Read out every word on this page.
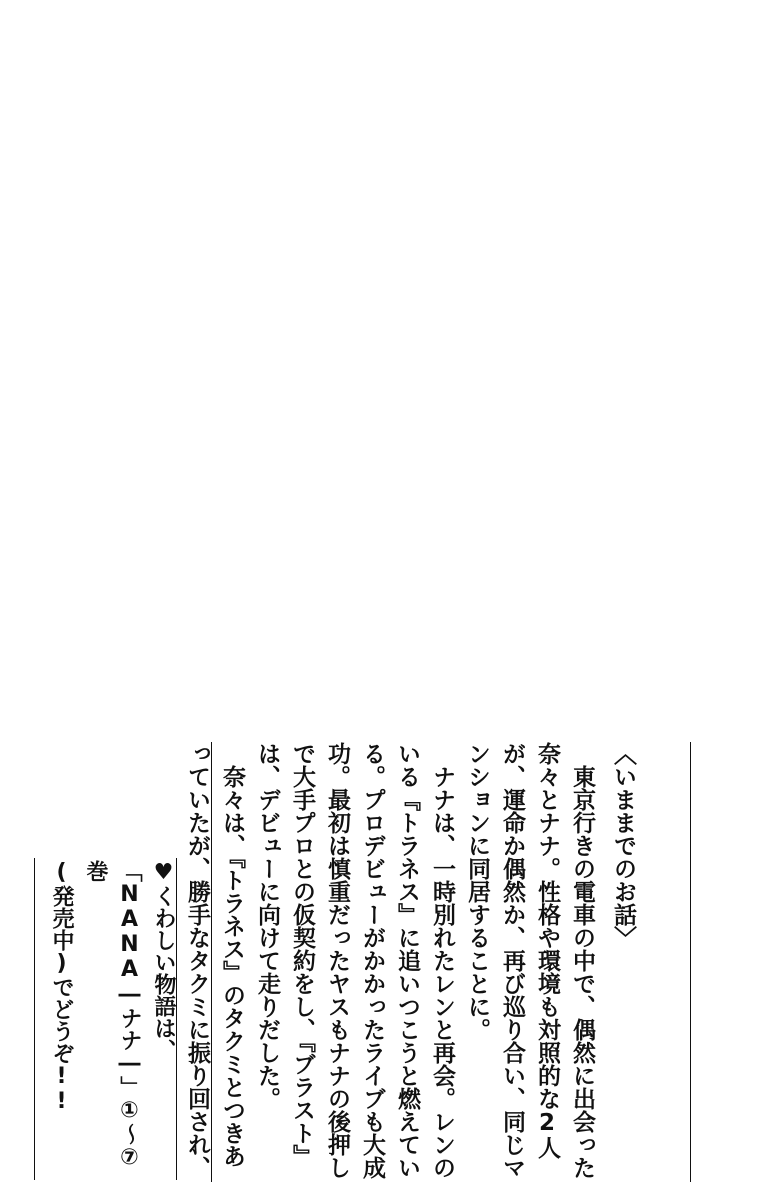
〈いままでのお話〉

東京行きの電車の中で、偶然に出会った奈々とナナ。性格や環境も対照的な2人が、運命か偶然か、再び巡り合い、同じマンションに同居することに。

ナナは、一時別れたレンと再会。レンのいる『トラネス』に追いつこうと燃えている。プロデビューがかかったライブも大成功。最初は慎重だったヤスもナナの後押しで大手プロとの仮契約をし、『ブラスト』は、デビューに向けて走りだした。

奈々は、『トラネス』のタクミとつきあっていたが、勝手なタクミに振り回され、

♥くわしい物語は、
「NANA―ナナ―」①〜⑦巻
(発売中)でどうぞ!!
